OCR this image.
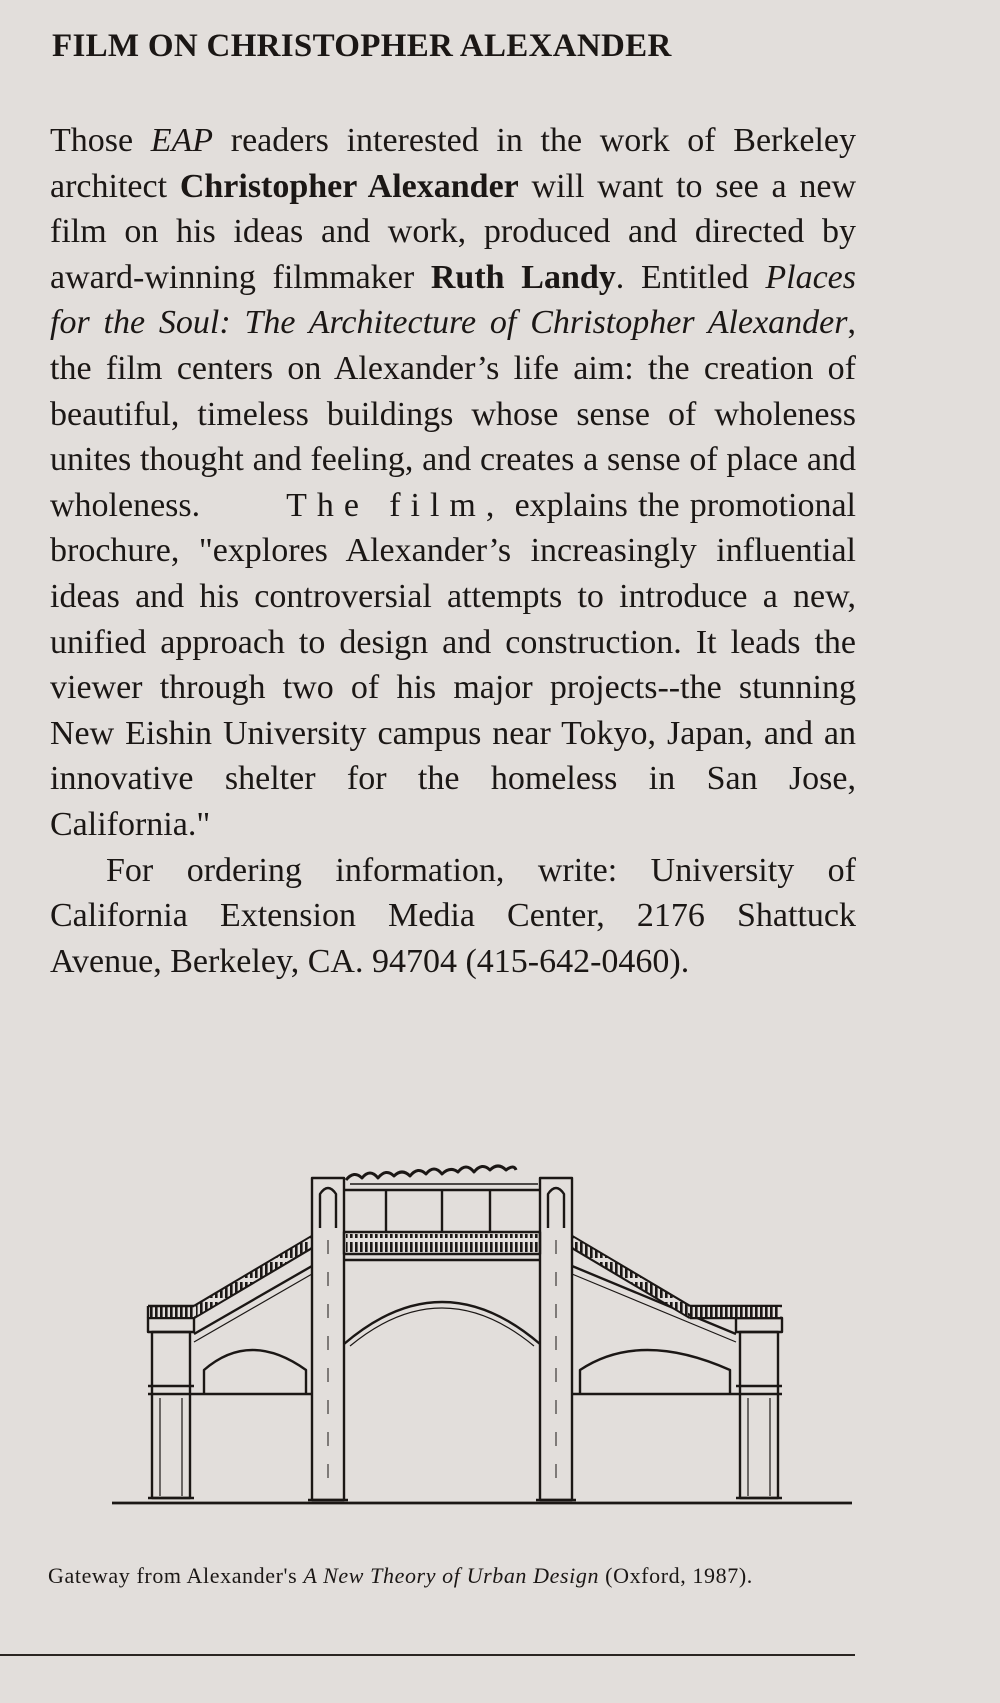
FILM ON CHRISTOPHER ALEXANDER

Those EAP readers interested in the work of Berkeley architect Christopher Alexander will want to see a new film on his ideas and work, produced and directed by award-winning filmmaker Ruth Landy. Entitled Places for the Soul: The Architecture of Christopher Alexander, the film centers on Alexander’s life aim: the creation of beautiful, timeless buildings whose sense of wholeness unites thought and feeling, and creates a sense of place and wholeness.	The film, explains the promotional brochure, "explores Alexander’s increasingly influential ideas and his controversial attempts to introduce a new, unified approach to design and construction. It leads the viewer through two of his major projects--the stunning New Eishin University campus near Tokyo, Japan, and an innovative shelter for the homeless in San Jose, California."

For ordering information, write: University of California Extension Media Center, 2176 Shattuck Avenue, Berkeley, CA. 94704 (415-642-0460).

Gateway from Alexander's A New Theory of Urban Design (Oxford, 1987).
